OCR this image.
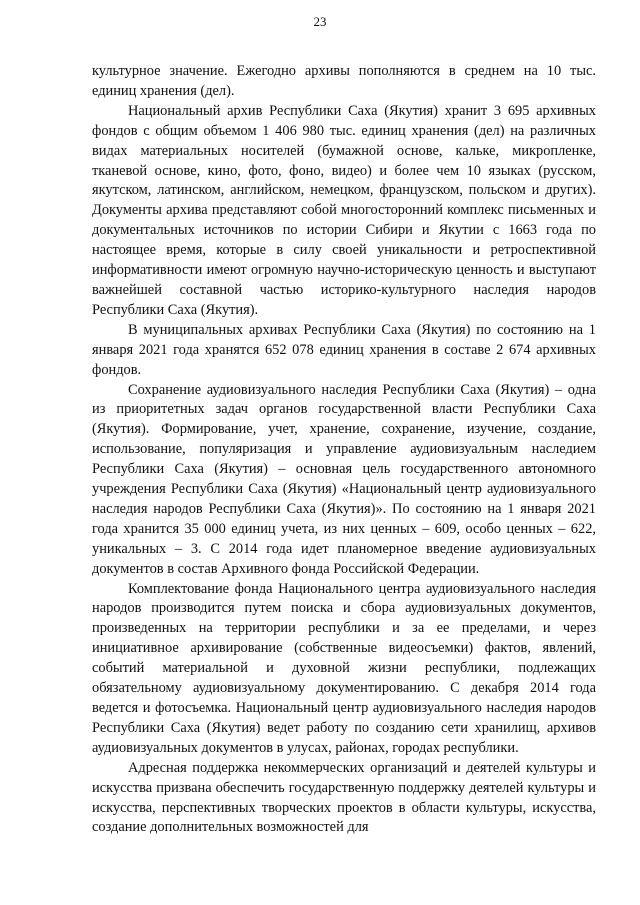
23

культурное значение. Ежегодно архивы пополняются в среднем на 10 тыс. единиц хранения (дел).

Национальный архив Республики Саха (Якутия) хранит 3 695 архивных фондов с общим объемом 1 406 980 тыс. единиц хранения (дел) на различных видах материальных носителей (бумажной основе, кальке, микропленке, тканевой основе, кино, фото, фоно, видео) и более чем 10 языках (русском, якутском, латинском, английском, немецком, французском, польском и других). Документы архива представляют собой многосторонний комплекс письменных и документальных источников по истории Сибири и Якутии с 1663 года по настоящее время, которые в силу своей уникальности и ретроспективной информативности имеют огромную научно-историческую ценность и выступают важнейшей составной частью историко-культурного наследия народов Республики Саха (Якутия).

В муниципальных архивах Республики Саха (Якутия) по состоянию на 1 января 2021 года хранятся 652 078 единиц хранения в составе 2 674 архивных фондов.

Сохранение аудиовизуального наследия Республики Саха (Якутия) – одна из приоритетных задач органов государственной власти Республики Саха (Якутия). Формирование, учет, хранение, сохранение, изучение, создание, использование, популяризация и управление аудиовизуальным наследием Республики Саха (Якутия) – основная цель государственного автономного учреждения Республики Саха (Якутия) «Национальный центр аудиовизуального наследия народов Республики Саха (Якутия)». По состоянию на 1 января 2021 года хранится 35 000 единиц учета, из них ценных – 609, особо ценных – 622, уникальных – 3. С 2014 года идет планомерное введение аудиовизуальных документов в состав Архивного фонда Российской Федерации.

Комплектование фонда Национального центра аудиовизуального наследия народов производится путем поиска и сбора аудиовизуальных документов, произведенных на территории республики и за ее пределами, и через инициативное архивирование (собственные видеосъемки) фактов, явлений, событий материальной и духовной жизни республики, подлежащих обязательному аудиовизуальному документированию. С декабря 2014 года ведется и фотосъемка. Национальный центр аудиовизуального наследия народов Республики Саха (Якутия) ведет работу по созданию сети хранилищ, архивов аудиовизуальных документов в улусах, районах, городах республики.

Адресная поддержка некоммерческих организаций и деятелей культуры и искусства призвана обеспечить государственную поддержку деятелей культуры и искусства, перспективных творческих проектов в области культуры, искусства, создание дополнительных возможностей для
